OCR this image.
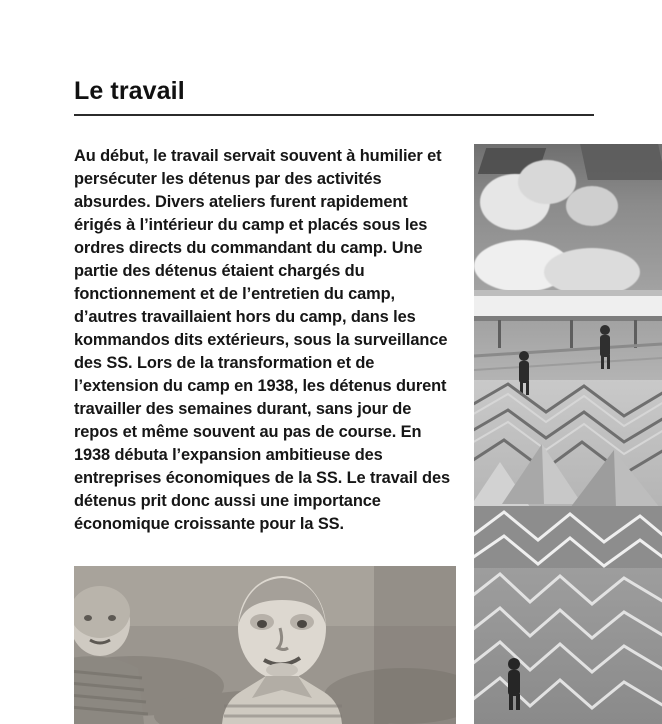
Le travail

Au début, le travail servait souvent à humilier et persécuter les détenus par des activités absurdes. Divers ateliers furent rapidement érigés à l’intérieur du camp et placés sous les ordres directs du commandant du camp. Une partie des détenus étaient chargés du fonctionnement et de l’entretien du camp, d’autres travaillaient hors du camp, dans les kommandos dits extérieurs, sous la surveillance des SS. Lors de la transformation et de l’extension du camp en 1938, les détenus durent travailler des semaines durant, sans jour de repos et même souvent au pas de course. En 1938 débuta l’expansion ambitieuse des entreprises économiques de la SS. Le travail des détenus prit donc aussi une importance économique croissante pour la SS.
